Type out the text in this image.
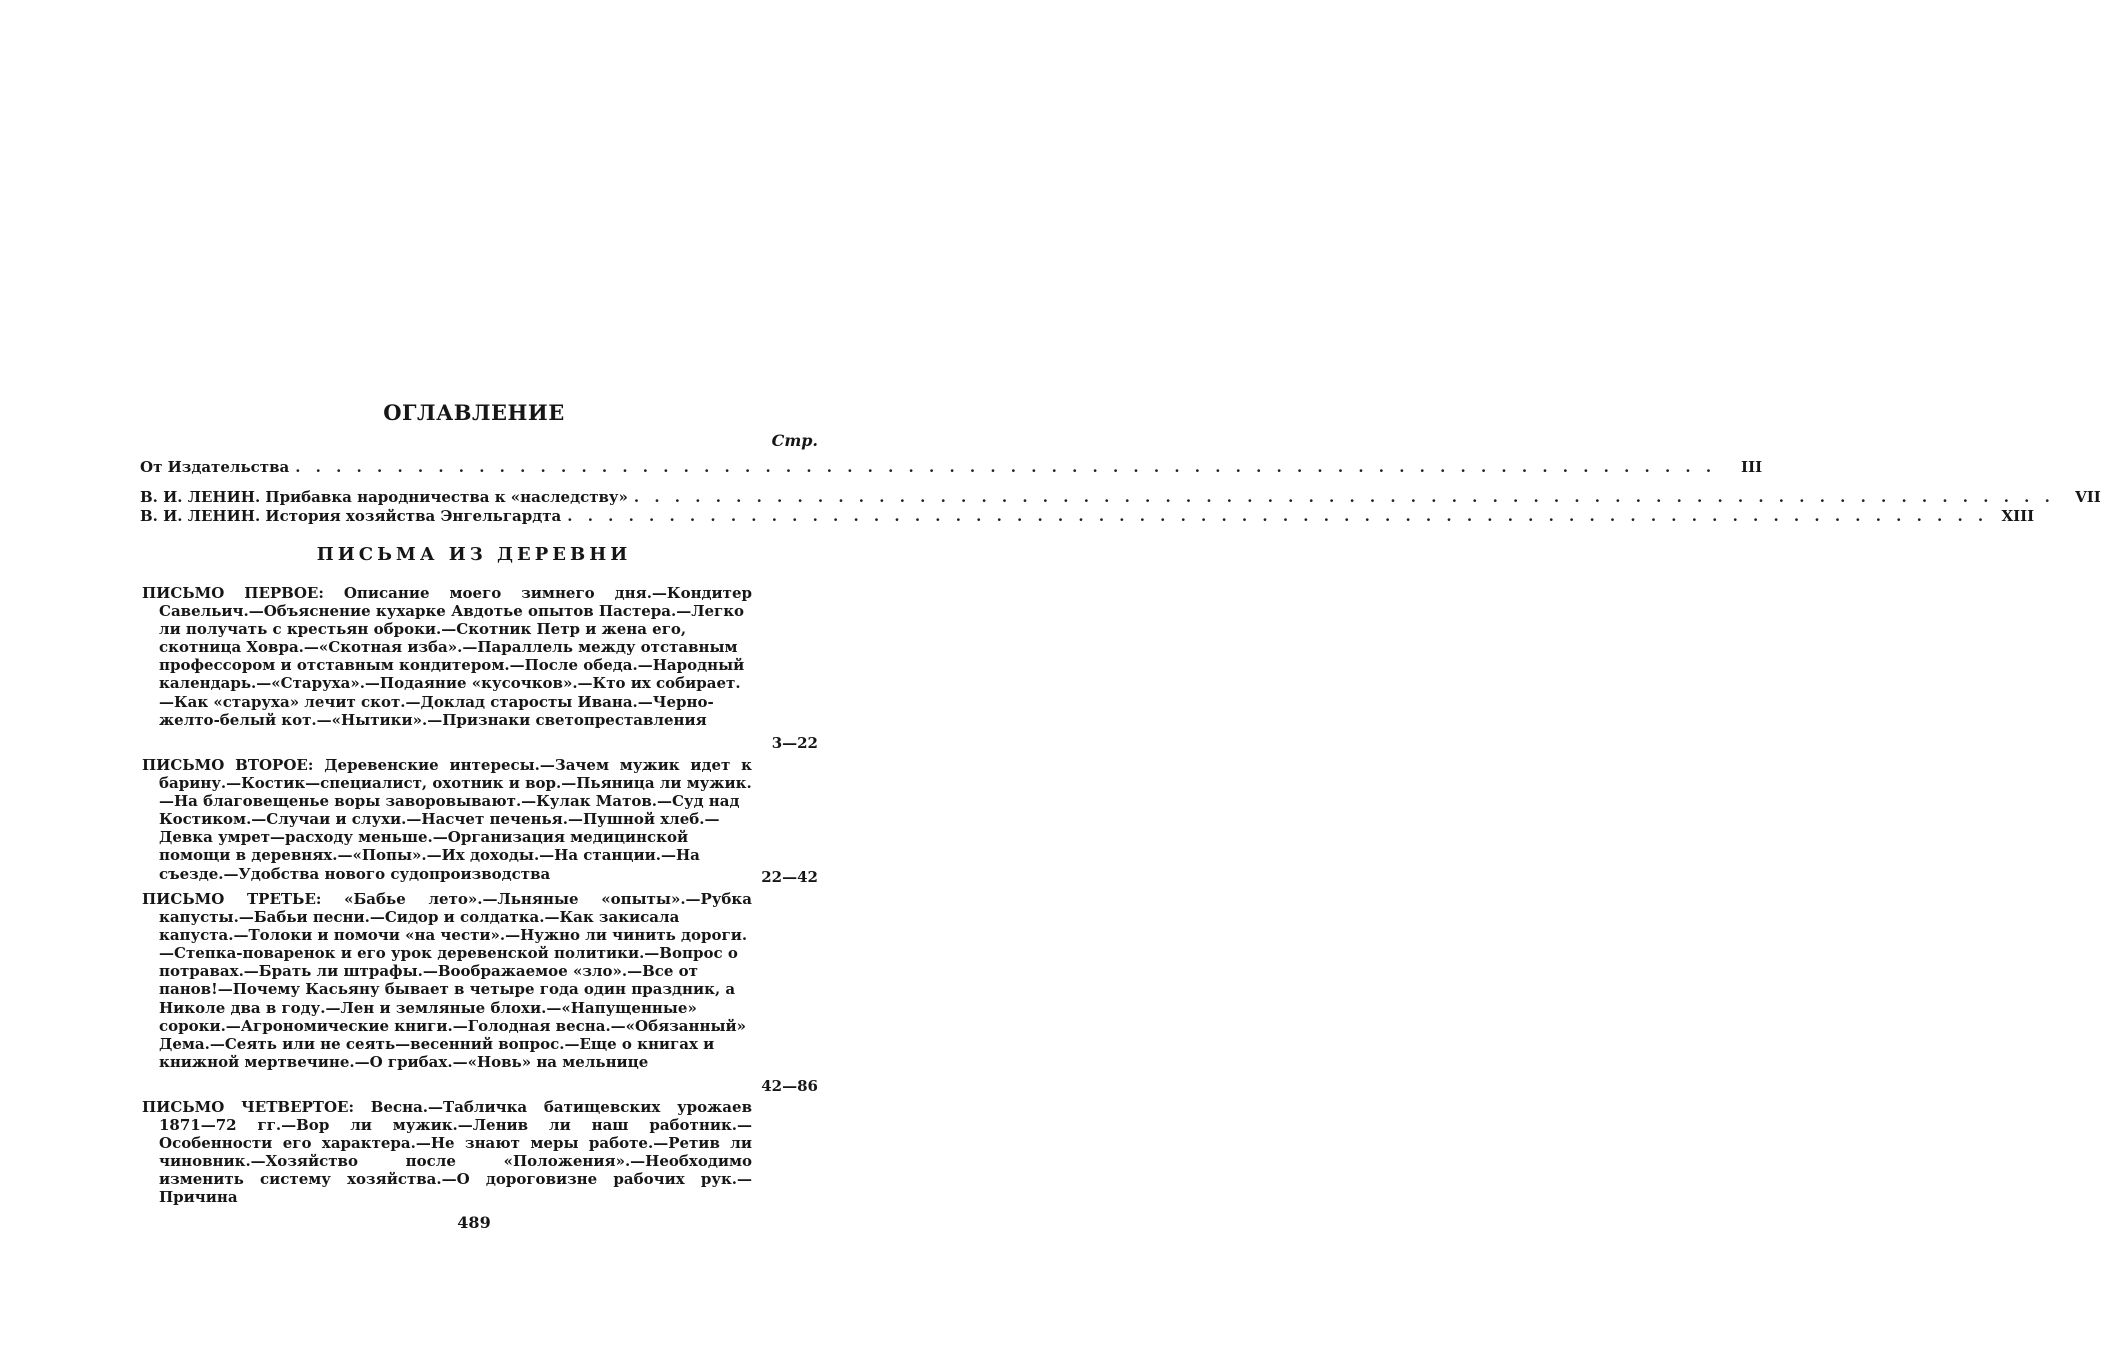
ОГЛАВЛЕНИЕ
Стр.
От Издательства . . . . . . . . . . . . . . . . . . . . . . . . . . . . . . . . . . . . . . . . . . . . . . . . . . . . . . . . . . . . . . . . . . . . . .	III
В. И. ЛЕНИН. Прибавка народничества к «наследству» . . . . . . . . . . . . . . . . . . . . . . . . . . . . . . . . . . . . . . . . . . . . . . . . . . . . . . . . . . . . . . . . . . . . . .	VII
В. И. ЛЕНИН. История хозяйства Энгельгардта . . . . . . . . . . . . . . . . . . . . . . . . . . . . . . . . . . . . . . . . . . . . . . . . . . . . . . . . . . . . . . . . . . . . . . XIII
ПИСЬМА ИЗ ДЕРЕВНИ
ПИСЬМО ПЕРВОЕ: Описание моего зимнего дня.—Кондитер
Савельич.—Объяснение кухарке Авдотье опытов Пастера.—Легко ли получать с крестьян оброки.—Скотник Петр и жена его, скотница Ховра.—«Скотная изба».—Параллель между отставным профессором и отставным кондитером.—После обеда.—Народный календарь.—«Старуха».—Подаяние «кусочков».—Кто их собирает.—Как «старуха» лечит скот.—Доклад старосты Ивана.—Черно-желто-белый кот.—«Нытики».—Признаки светопреставления
3—22
ПИСЬМО ВТОРОЕ: Деревенские интересы.—Зачем мужик идет к
барину.—Костик—специалист, охотник и вор.—Пьяница ли мужик.—На благовещенье воры заворовывают.—Кулак Матов.—Суд над Костиком.—Случаи и слухи.—Насчет печенья.—Пушной хлеб.—Девка умрет—расходу меньше.—Организация медицинской помощи в деревнях.—«Попы».—Их доходы.—На станции.—На съезде.—Удобства нового судопроизводства	22—42
ПИСЬМО ТРЕТЬЕ: «Бабье лето».—Льняные «опыты».—Рубка
капусты.—Бабьи песни.—Сидор и солдатка.—Как закисала капуста.—Толоки и помочи «на чести».—Нужно ли чинить дороги.—Степка-поваренок и его урок деревенской политики.—Вопрос о потравах.—Брать ли штрафы.—Воображаемое «зло».—Все от панов!—Почему Касьяну бывает в четыре года один праздник, а Николе два в году.—Лен и земляные блохи.—«Напущенные» сороки.—Агрономические книги.—Голодная весна.—«Обязанный» Дема.—Сеять или не сеять—весенний вопрос.—Еще о книгах и книжной мертвечине.—О грибах.—«Новь» на мельнице
42—86
ПИСЬМО ЧЕТВЕРТОЕ: Весна.—Табличка батищевских урожаев
1871—72 гг.—Вор ли мужик.—Ленив ли наш работник.—Особенности его характера.—Не знают меры работе.—Ретив ли чиновник.—Хозяйство после «Положения».—Необходимо изменить систему хозяйства.—О дороговизне рабочих рук.—Причина
489
